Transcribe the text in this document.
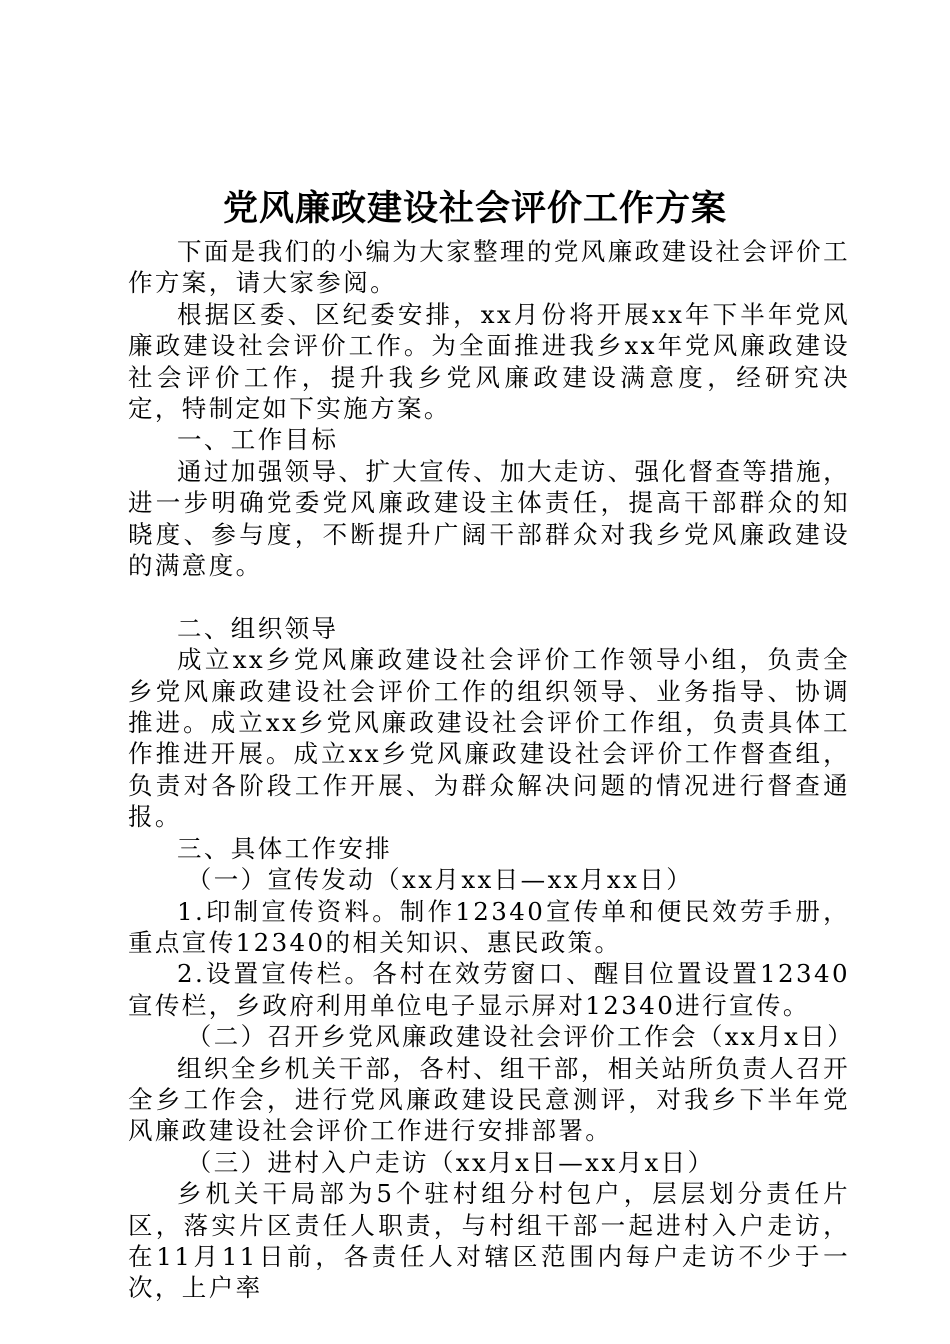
党风廉政建设社会评价工作方案

下面是我们的小编为大家整理的党风廉政建设社会评价工作方案，请大家参阅。

根据区委、区纪委安排，xx月份将开展xx年下半年党风廉政建设社会评价工作。为全面推进我乡xx年党风廉政建设社会评价工作，提升我乡党风廉政建设满意度，经研究决定，特制定如下实施方案。

一、工作目标

通过加强领导、扩大宣传、加大走访、强化督查等措施，进一步明确党委党风廉政建设主体责任，提高干部群众的知晓度、参与度，不断提升广阔干部群众对我乡党风廉政建设的满意度。

二、组织领导

成立xx乡党风廉政建设社会评价工作领导小组，负责全乡党风廉政建设社会评价工作的组织领导、业务指导、协调推进。成立xx乡党风廉政建设社会评价工作组，负责具体工作推进开展。成立xx乡党风廉政建设社会评价工作督查组，负责对各阶段工作开展、为群众解决问题的情况进行督查通报。

三、具体工作安排

（一）宣传发动（xx月xx日—xx月xx日）

1.印制宣传资料。制作12340宣传单和便民效劳手册，重点宣传12340的相关知识、惠民政策。

2.设置宣传栏。各村在效劳窗口、醒目位置设置12340宣传栏，乡政府利用单位电子显示屏对12340进行宣传。

（二）召开乡党风廉政建设社会评价工作会（xx月x日）

组织全乡机关干部，各村、组干部，相关站所负责人召开全乡工作会，进行党风廉政建设民意测评，对我乡下半年党风廉政建设社会评价工作进行安排部署。

（三）进村入户走访（xx月x日—xx月x日）

乡机关干局部为5个驻村组分村包户，层层划分责任片区，落实片区责任人职责，与村组干部一起进村入户走访，在11月11日前，各责任人对辖区范围内每户走访不少于一次，上户率
